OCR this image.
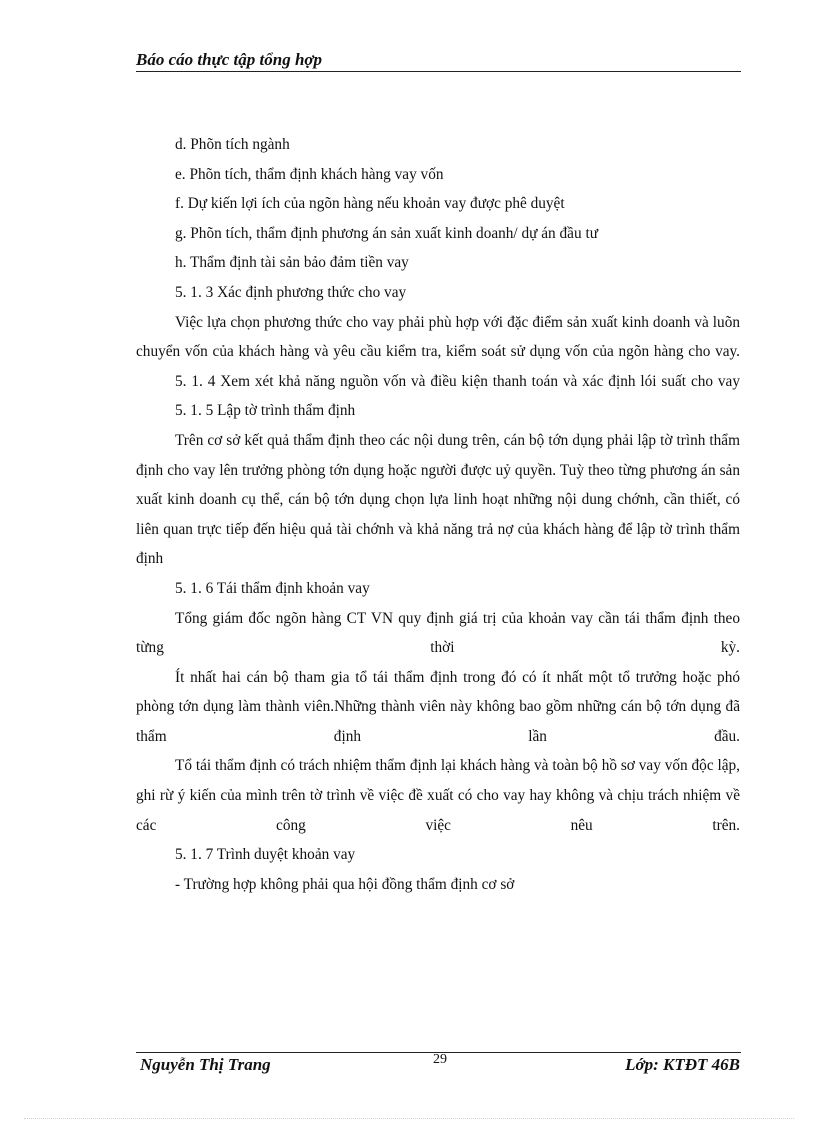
Báo cáo thực tập tổng hợp

d. Phõn tích ngành

e. Phõn tích, thẩm định khách hàng vay vốn

f. Dự kiến lợi ích của ngõn hàng nếu khoản vay được phê duyệt

g. Phõn tích, thẩm định phương án sản xuất kinh doanh/ dự án đầu tư

h. Thẩm định tài sản bảo đảm tiền vay

5. 1. 3 Xác định phương thức cho vay

Việc lựa chọn phương thức cho vay phải phù hợp với đặc điểm sản xuất kinh doanh và luõn chuyển vốn của khách hàng và yêu cầu kiểm tra, kiểm soát sử dụng vốn của ngõn hàng cho vay.

5. 1. 4 Xem xét khả năng nguồn vốn và điều kiện thanh toán và xác định lói suất cho vay

5. 1. 5 Lập tờ trình thẩm định

Trên cơ sở kết quả thẩm định theo các nội dung trên, cán bộ tớn dụng phải lập tờ trình thẩm định cho vay lên trưởng phòng tớn dụng hoặc người được uỷ quyền. Tuỳ theo từng phương án sản xuất kinh doanh cụ thể, cán bộ tớn dụng chọn lựa linh hoạt những nội dung chớnh, cần thiết, có liên quan trực tiếp đến hiệu quả tài chớnh và khả năng trả nợ của khách hàng để lập tờ trình thẩm định

5. 1. 6 Tái thẩm định khoản vay

Tổng giám đốc ngõn hàng CT VN quy định giá trị của khoản vay cần tái thẩm định theo từng thời kỳ.

Ít nhất hai cán bộ tham gia tổ tái thẩm định trong đó có ít nhất một tổ trưởng hoặc phó phòng tớn dụng làm thành viên.Những thành viên này không bao gồm những cán bộ tớn dụng đã thẩm định lần đầu.

Tổ tái thẩm định có trách nhiệm thẩm định lại khách hàng và toàn bộ hồ sơ vay vốn độc lập, ghi rừ ý kiến của mình trên tờ trình về việc đề xuất có cho vay hay không và chịu trách nhiệm về các công việc nêu trên.

5. 1. 7 Trình duyệt khoản vay

- Trường hợp không phải qua hội đồng thẩm định cơ sở

Nguyễn Thị Trang	29	Lớp: KTĐT 46B
